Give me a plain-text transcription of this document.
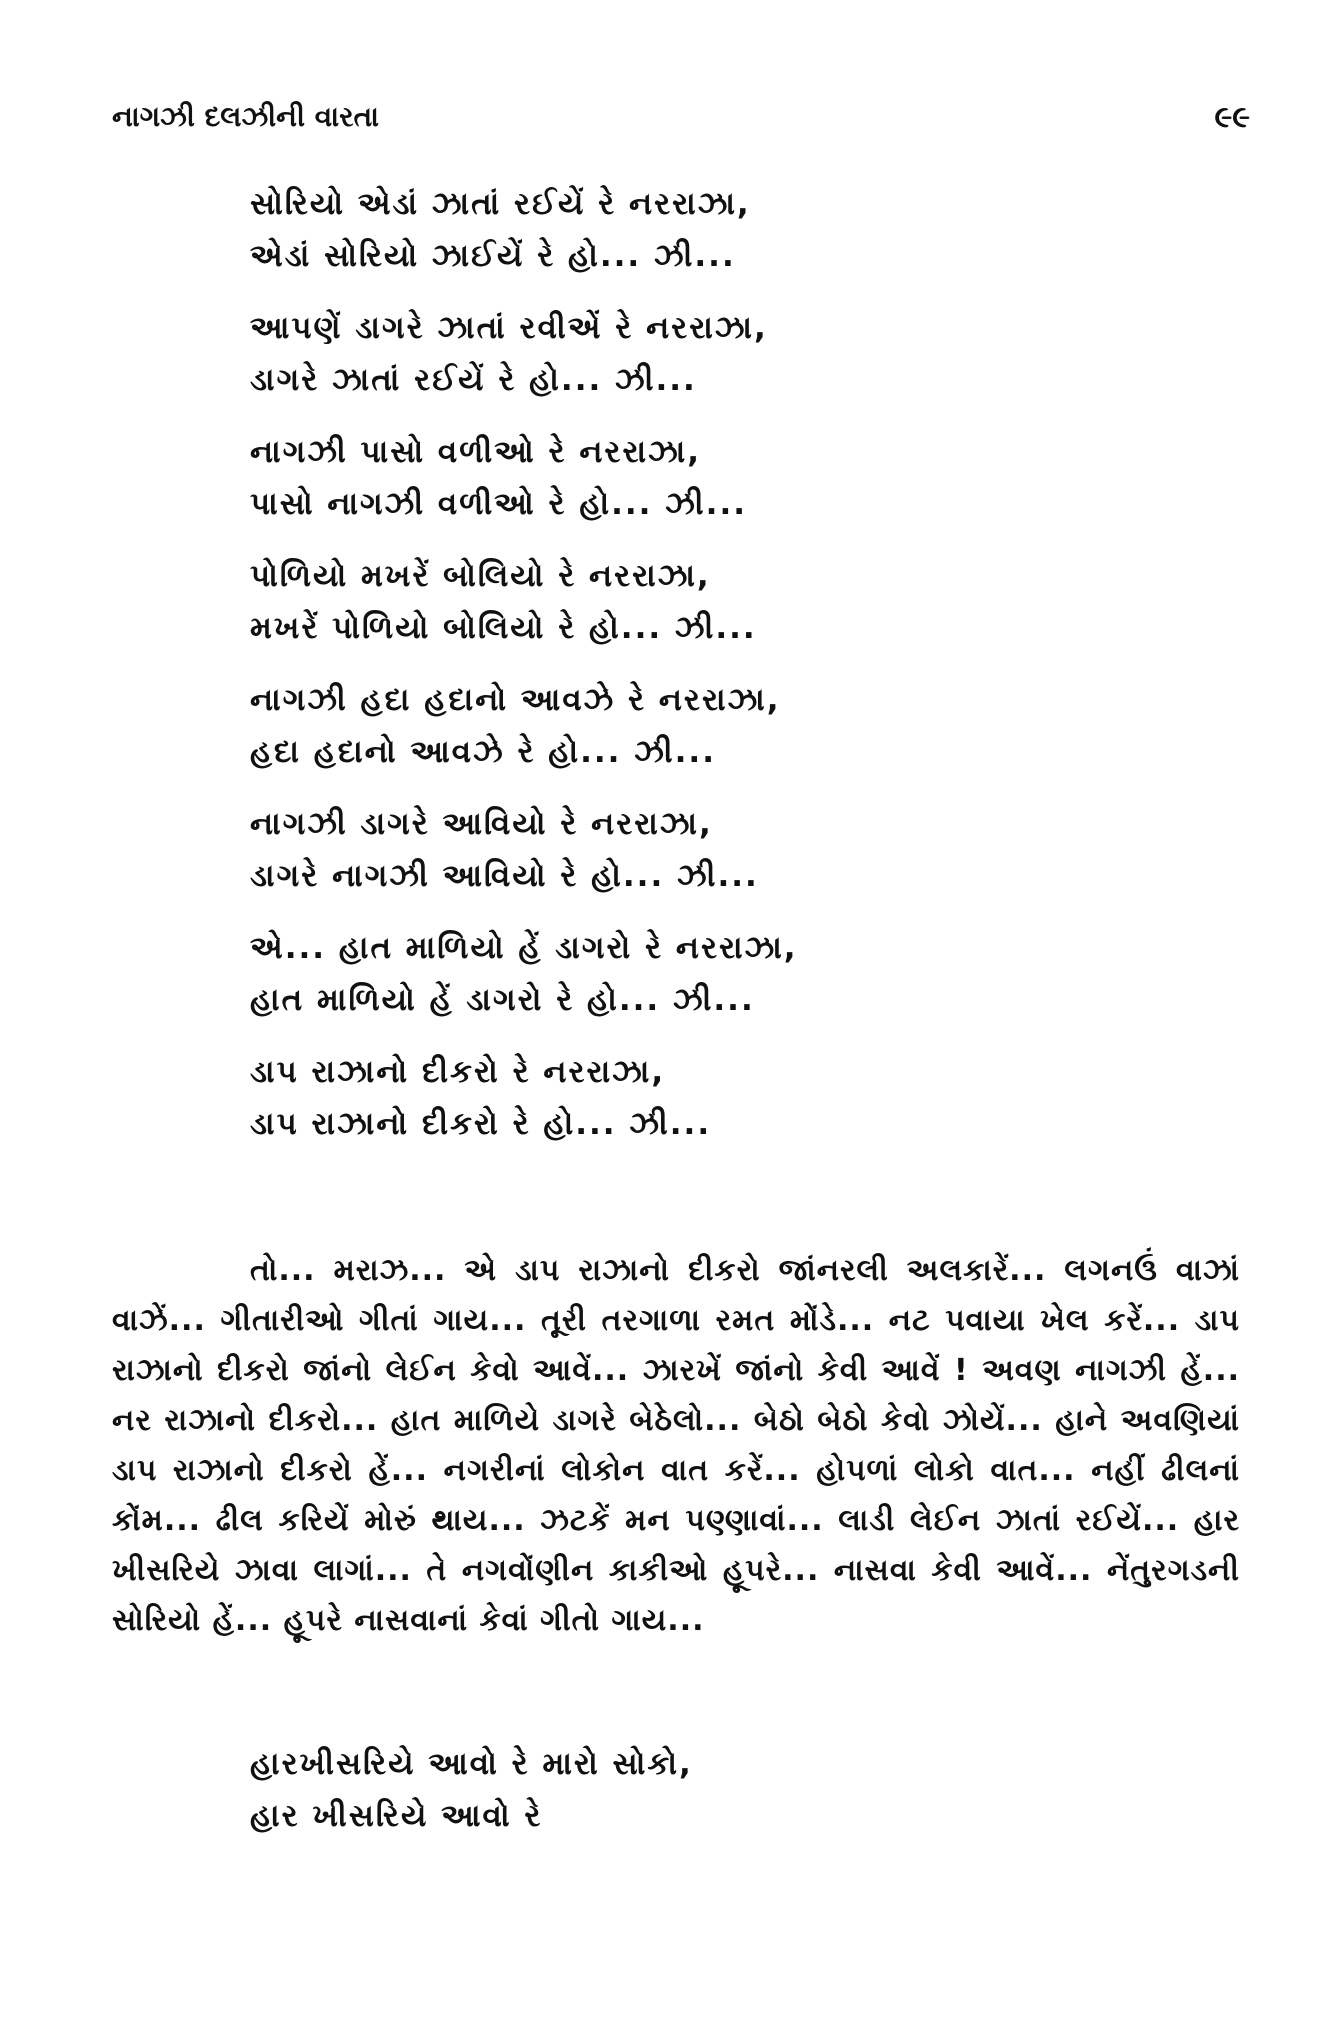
નાગઝી દલઝીની વારતા	૯૯
સોરિયો એડાં ઝાતાં રઈયેં રે નરરાઝા,
એડાં સોરિયો ઝાઈયેં રે હો... ઝી...
આપણેં ડાગરે ઝાતાં રવીએં રે નરરાઝા,
ડાગરે ઝાતાં રઈયેં રે હો... ઝી...
નાગઝી પાસો વળીઓ રે નરરાઝા,
પાસો નાગઝી વળીઓ રે હો... ઝી...
પોળિયો મખરેં બોલિયો રે નરરાઝા,
મખરેં પોળિયો બોલિયો રે હો... ઝી...
નાગઝી હદા હદાનો આવઝે રે નરરાઝા,
હદા હદાનો આવઝે રે હો... ઝી...
નાગઝી ડાગરે આવિયો રે નરરાઝા,
ડાગરે નાગઝી આવિયો રે હો... ઝી...
એ... હાત માળિયો હેં ડાગરો રે નરરાઝા,
હાત માળિયો હેં ડાગરો રે હો... ઝી...
ડાપ રાઝાનો દીકરો રે નરરાઝા,
ડાપ રાઝાનો દીકરો રે હો... ઝી...

તો... મરાઝ... એ ડાપ રાઝાનો દીકરો જાંનરલી અલકારેં... લગનઉં વાઝાં વાઝેં... ગીતારીઓ ગીતાં ગાય... તૂરી તરગાળા રમત મોંડે... નટ પવાયા ખેલ કરેં... ડાપ રાઝાનો દીકરો જાંનો લેઈન કેવો આવેં... ઝારખેં જાંનો કેવી આવેં ! અવણ નાગઝી હેં... નર રાઝાનો દીકરો... હાત માળિયે ડાગરે બેઠેલો... બેઠો બેઠો કેવો ઝોયેં... હાને અવણિયાં ડાપ રાઝાનો દીકરો હેં... નગરીનાં લોકોન વાત કરેં... હોપળાં લોકો વાત... નહીં ઢીલનાં કોંમ... ઢીલ કરિયેં મોરું થાય... ઝટકેં મન પણ્ણાવાં... લાડી લેઈન ઝાતાં રઈયેં... હાર ખીસરિયે ઝાવા લાગાં... તે નગવોંણીન કાકીઓ હૂપરે... નાસવા કેવી આવેં... નેંતુરગડની સોરિયો હેં... હૂપરે નાસવાનાં કેવાં ગીતો ગાય...

હારખીસરિયે આવો રે મારો સોકો,
હાર ખીસરિયે આવો રે
